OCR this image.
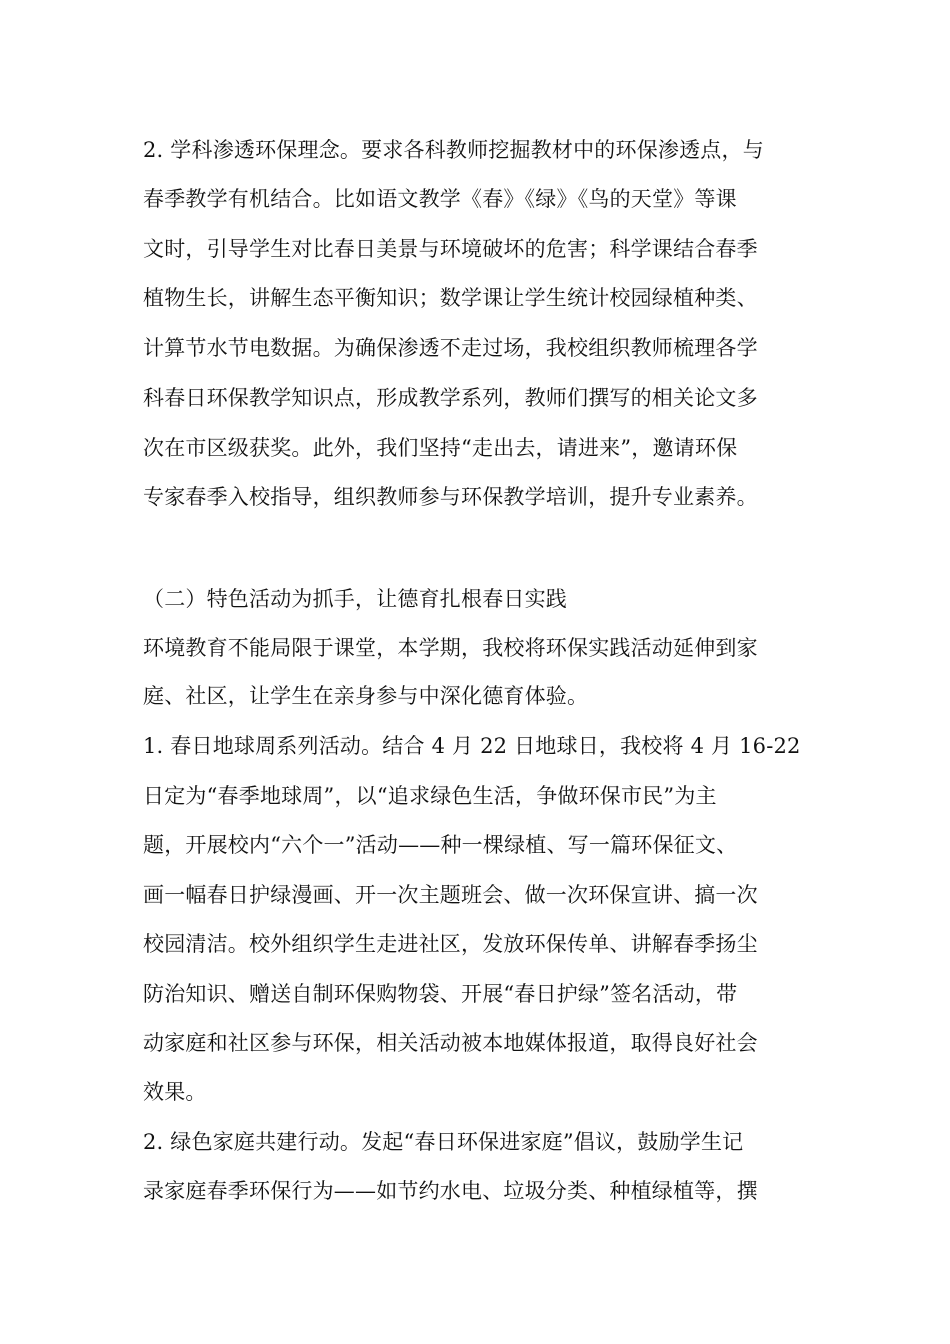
2. 学科渗透环保理念。要求各科教师挖掘教材中的环保渗透点，与
春季教学有机结合。比如语文教学《春》《绿》《鸟的天堂》等课
文时，引导学生对比春日美景与环境破坏的危害；科学课结合春季
植物生长，讲解生态平衡知识；数学课让学生统计校园绿植种类、
计算节水节电数据。为确保渗透不走过场，我校组织教师梳理各学
科春日环保教学知识点，形成教学系列，教师们撰写的相关论文多
次在市区级获奖。此外，我们坚持“走出去，请进来”，邀请环保
专家春季入校指导，组织教师参与环保教学培训，提升专业素养。
（二）特色活动为抓手，让德育扎根春日实践
环境教育不能局限于课堂，本学期，我校将环保实践活动延伸到家
庭、社区，让学生在亲身参与中深化德育体验。
1. 春日地球周系列活动。结合 4 月 22 日地球日，我校将 4 月 16-22
日定为“春季地球周”，以“追求绿色生活，争做环保市民”为主
题，开展校内“六个一”活动——种一棵绿植、写一篇环保征文、
画一幅春日护绿漫画、开一次主题班会、做一次环保宣讲、搞一次
校园清洁。校外组织学生走进社区，发放环保传单、讲解春季扬尘
防治知识、赠送自制环保购物袋、开展“春日护绿”签名活动，带
动家庭和社区参与环保，相关活动被本地媒体报道，取得良好社会
效果。
2. 绿色家庭共建行动。发起“春日环保进家庭”倡议，鼓励学生记
录家庭春季环保行为——如节约水电、垃圾分类、种植绿植等，撰
